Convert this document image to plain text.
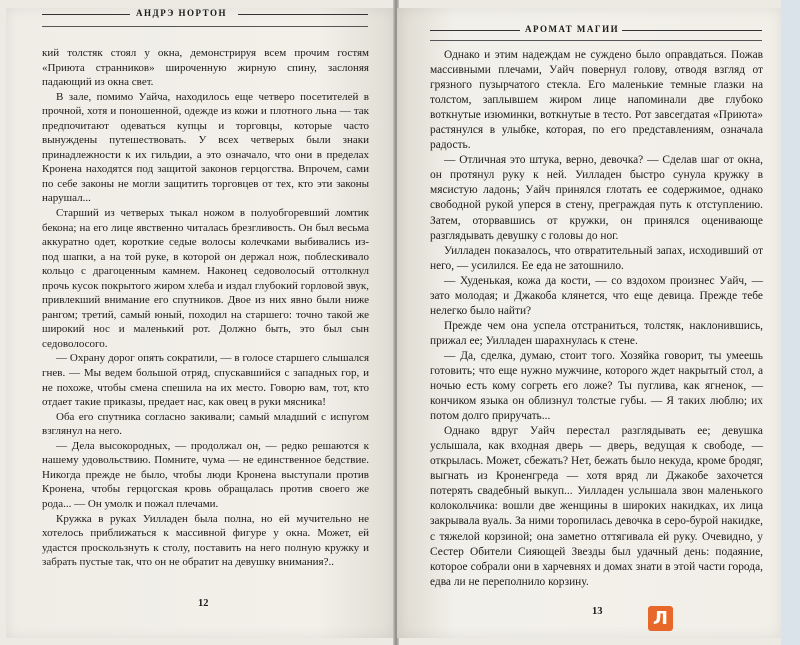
АНДРЭ НОРТОН
АРОМАТ МАГИИ

кий толстяк стоял у окна, демонстрируя всем прочим гостям «Приюта странников» широченную жирную спину, заслоняя падающий из окна свет.

В зале, помимо Уайча, находилось еще четверо посетителей в прочной, хотя и поношенной, одежде из кожи и плотного льна — так предпочитают одеваться купцы и торговцы, которые часто вынуждены путешествовать. У всех четверых были знаки принадлежности к их гильдии, а это означало, что они в пределах Кронена находятся под защитой законов герцогства. Впрочем, сами по себе законы не могли защитить торговцев от тех, кто эти законы нарушал...

Старший из четверых тыкал ножом в полуобгоревший ломтик бекона; на его лице явственно читалась брезгливость. Он был весьма аккуратно одет, короткие седые волосы колечками выбивались из-под шапки, а на той руке, в которой он держал нож, поблескивало кольцо с драгоценным камнем. Наконец седоволосый оттолкнул прочь кусок покрытого жиром хлеба и издал глубокий горловой звук, привлекший внимание его спутников. Двое из них явно были ниже рангом; третий, самый юный, походил на старшего: точно такой же широкий нос и маленький рот. Должно быть, это был сын седоволосого.

— Охрану дорог опять сократили, — в голосе старшего слышался гнев. — Мы ведем большой отряд, спускавшийся с западных гор, и не похоже, чтобы смена спешила на их место. Говорю вам, тот, кто отдает такие приказы, предает нас, как овец в руки мясника!

Оба его спутника согласно закивали; самый младший с испугом взглянул на него.

— Дела высокородных, — продолжал он, — редко решаются к нашему удовольствию. Помните, чума — не единственное бедствие. Никогда прежде не было, чтобы люди Кронена выступали против Кронена, чтобы герцогская кровь обращалась против своего же рода... — Он умолк и пожал плечами.

Кружка в руках Уилладен была полна, но ей мучительно не хотелось приближаться к массивной фигуре у окна. Может, ей удастся проскользнуть к столу, поставить на него полную кружку и забрать пустые так, что он не обратит на девушку внимания?..

12

Однако и этим надеждам не суждено было оправдаться. Пожав массивными плечами, Уайч повернул голову, отводя взгляд от грязного пузырчатого стекла. Его маленькие темные глазки на толстом, заплывшем жиром лице напоминали две глубоко воткнутые изюминки, воткнутые в тесто. Рот завсегдатая «Приюта» растянулся в улыбке, которая, по его представлениям, означала радость.

— Отличная это штука, верно, девочка? — Сделав шаг от окна, он протянул руку к ней. Уилладен быстро сунула кружку в мясистую ладонь; Уайч принялся глотать ее содержимое, однако свободной рукой уперся в стену, преграждая путь к отступлению. Затем, оторвавшись от кружки, он принялся оценивающе разглядывать девушку с головы до ног.

Уилладен показалось, что отвратительный запах, исходивший от него, — усилился. Ее еда не затошнило.

— Худенькая, кожа да кости, — со вздохом произнес Уайч, — зато молодая; и Джакоба клянется, что еще девица. Прежде тебе нелегко было найти?

Прежде чем она успела отстраниться, толстяк, наклонившись, прижал ее; Уилладен шарахнулась к стене.

— Да, сделка, думаю, стоит того. Хозяйка говорит, ты умеешь готовить; что еще нужно мужчине, которого ждет накрытый стол, а ночью есть кому согреть его ложе? Ты пуглива, как ягненок, — кончиком языка он облизнул толстые губы. — Я таких люблю; их потом долго приручать...

Однако вдруг Уайч перестал разглядывать ее; девушка услышала, как входная дверь — дверь, ведущая к свободе, — открылась. Может, сбежать? Нет, бежать было некуда, кроме бродяг, выгнать из Кроненгреда — хотя вряд ли Джакобе захочется потерять свадебный выкуп... Уилладен услышала звон маленького колокольчика: вошли две женщины в широких накидках, их лица закрывала вуаль. За ними торопилась девочка в серо-бурой накидке, с тяжелой корзиной; она заметно оттягивала ей руку. Очевидно, у Сестер Обители Сияющей Звезды был удачный день: подаяние, которое собрали они в харчевнях и домах знати в этой части города, едва ли не переполнило корзину.

13	Л
